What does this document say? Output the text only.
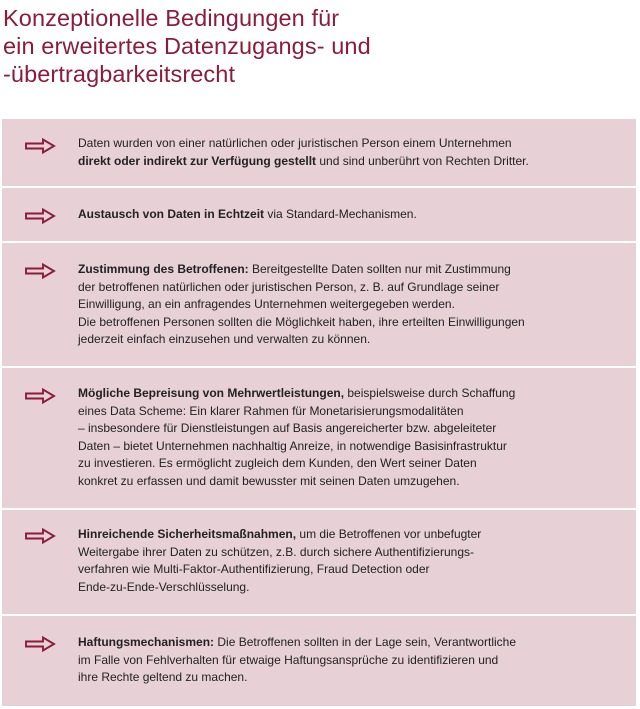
Konzeptionelle Bedingungen für
ein erweitertes Datenzugangs- und
-übertragbarkeitsrecht

Daten wurden von einer natürlichen oder juristischen Person einem Unternehmen
direkt oder indirekt zur Verfügung gestellt und sind unberührt von Rechten Dritter.

Austausch von Daten in Echtzeit via Standard-Mechanismen.

Zustimmung des Betroffenen: Bereitgestellte Daten sollten nur mit Zustimmung
der betroffenen natürlichen oder juristischen Person, z. B. auf Grundlage seiner
Einwilligung, an ein anfragendes Unternehmen weitergegeben werden.
Die betroffenen Personen sollten die Möglichkeit haben, ihre erteilten Einwilligungen
jederzeit einfach einzusehen und verwalten zu können.

Mögliche Bepreisung von Mehrwertleistungen, beispielsweise durch Schaffung
eines Data Scheme: Ein klarer Rahmen für Monetarisierungsmodalitäten
– insbesondere für Dienstleistungen auf Basis angereicherter bzw. abgeleiteter
Daten – bietet Unternehmen nachhaltig Anreize, in notwendige Basisinfrastruktur
zu investieren. Es ermöglicht zugleich dem Kunden, den Wert seiner Daten
konkret zu erfassen und damit bewusster mit seinen Daten umzugehen.

Hinreichende Sicherheitsmaßnahmen, um die Betroffenen vor unbefugter
Weitergabe ihrer Daten zu schützen, z.B. durch sichere Authentifizierungs-
verfahren wie Multi-Faktor-Authentifizierung, Fraud Detection oder
Ende-zu-Ende-Verschlüsselung.

Haftungsmechanismen: Die Betroffenen sollten in der Lage sein, Verantwortliche
im Falle von Fehlverhalten für etwaige Haftungsansprüche zu identifizieren und
ihre Rechte geltend zu machen.
